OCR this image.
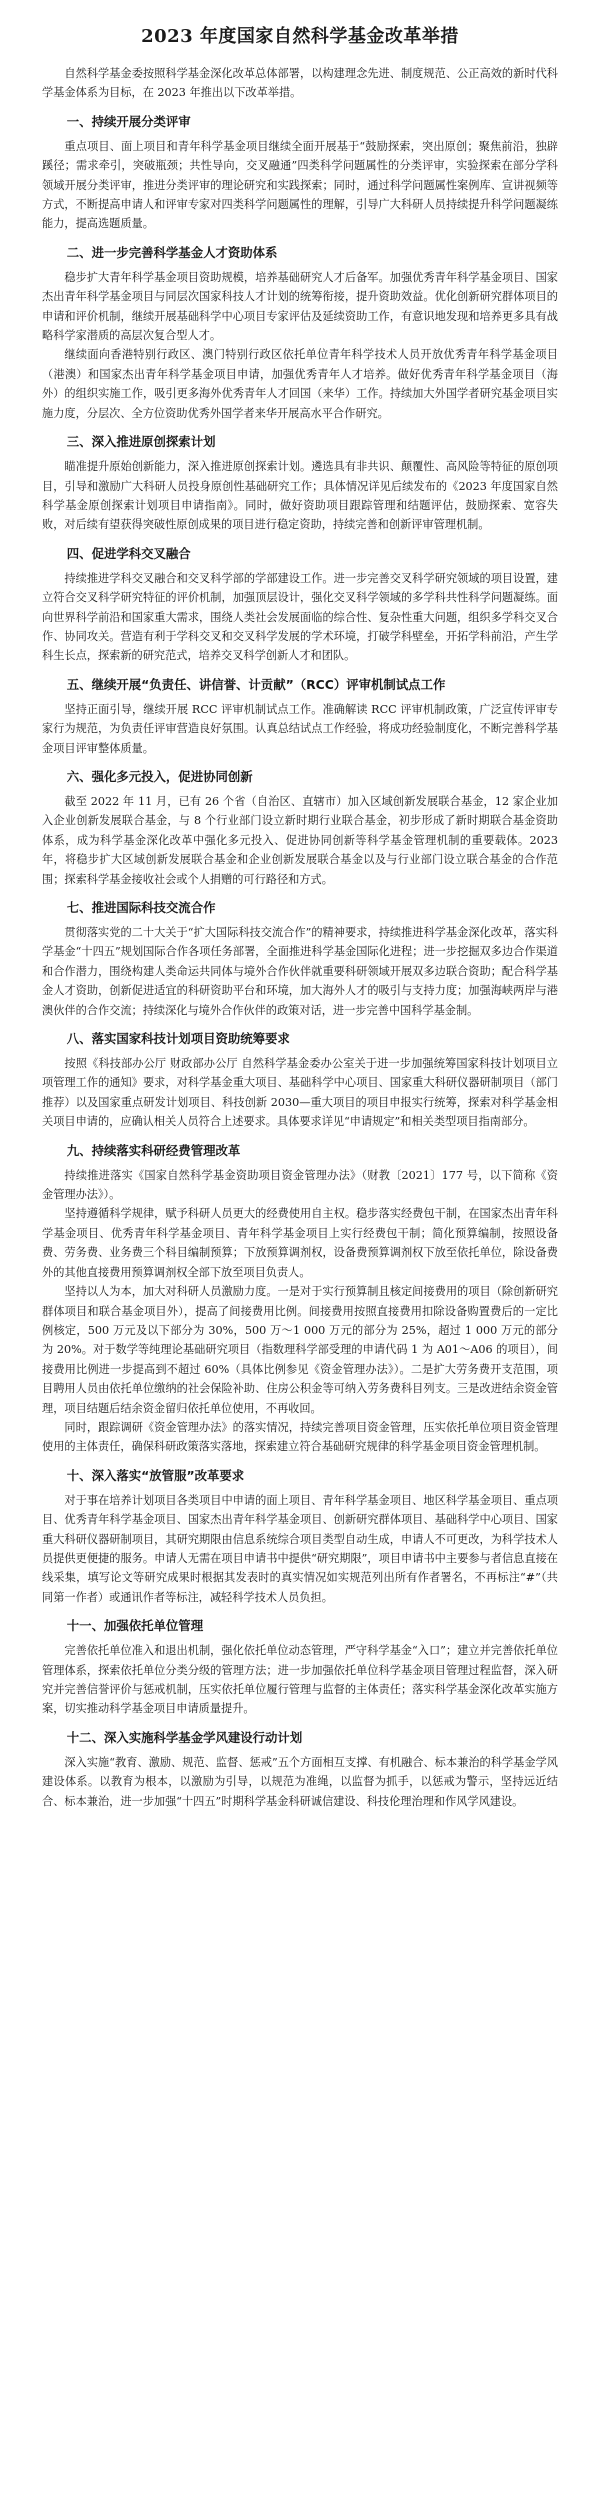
2023 年度国家自然科学基金改革举措

自然科学基金委按照科学基金深化改革总体部署，以构建理念先进、制度规范、公正高效的新时代科学基金体系为目标，在 2023 年推出以下改革举措。

一、持续开展分类评审

重点项目、面上项目和青年科学基金项目继续全面开展基于“鼓励探索，突出原创；聚焦前沿，独辟蹊径；需求牵引，突破瓶颈；共性导向，交叉融通”四类科学问题属性的分类评审，实验探索在部分学科领域开展分类评审，推进分类评审的理论研究和实践探索；同时，通过科学问题属性案例库、宣讲视频等方式，不断提高申请人和评审专家对四类科学问题属性的理解，引导广大科研人员持续提升科学问题凝练能力，提高选题质量。

二、进一步完善科学基金人才资助体系

稳步扩大青年科学基金项目资助规模，培养基础研究人才后备军。加强优秀青年科学基金项目、国家杰出青年科学基金项目与同层次国家科技人才计划的统筹衔接，提升资助效益。优化创新研究群体项目的申请和评价机制，继续开展基础科学中心项目专家评估及延续资助工作，有意识地发现和培养更多具有战略科学家潜质的高层次复合型人才。

继续面向香港特别行政区、澳门特别行政区依托单位青年科学技术人员开放优秀青年科学基金项目（港澳）和国家杰出青年科学基金项目申请，加强优秀青年人才培养。做好优秀青年科学基金项目（海外）的组织实施工作，吸引更多海外优秀青年人才回国（来华）工作。持续加大外国学者研究基金项目实施力度，分层次、全方位资助优秀外国学者来华开展高水平合作研究。

三、深入推进原创探索计划

瞄准提升原始创新能力，深入推进原创探索计划。遴选具有非共识、颠覆性、高风险等特征的原创项目，引导和激励广大科研人员投身原创性基础研究工作；具体情况详见后续发布的《2023 年度国家自然科学基金原创探索计划项目申请指南》。同时，做好资助项目跟踪管理和结题评估，鼓励探索、宽容失败，对后续有望获得突破性原创成果的项目进行稳定资助，持续完善和创新评审管理机制。

四、促进学科交叉融合

持续推进学科交叉融合和交叉科学部的学部建设工作。进一步完善交叉科学研究领域的项目设置，建立符合交叉科学研究特征的评价机制，加强顶层设计，强化交叉科学领域的多学科共性科学问题凝练。面向世界科学前沿和国家重大需求，围绕人类社会发展面临的综合性、复杂性重大问题，组织多学科交叉合作、协同攻关。营造有利于学科交叉和交叉科学发展的学术环境，打破学科壁垒，开拓学科前沿，产生学科生长点，探索新的研究范式，培养交叉科学创新人才和团队。

五、继续开展“负责任、讲信誉、计贡献”（RCC）评审机制试点工作

坚持正面引导，继续开展 RCC 评审机制试点工作。准确解读 RCC 评审机制政策，广泛宣传评审专家行为规范，为负责任评审营造良好氛围。认真总结试点工作经验，将成功经验制度化，不断完善科学基金项目评审整体质量。

六、强化多元投入，促进协同创新

截至 2022 年 11 月，已有 26 个省（自治区、直辖市）加入区域创新发展联合基金，12 家企业加入企业创新发展联合基金，与 8 个行业部门设立新时期行业联合基金，初步形成了新时期联合基金资助体系，成为科学基金深化改革中强化多元投入、促进协同创新等科学基金管理机制的重要载体。2023 年，将稳步扩大区域创新发展联合基金和企业创新发展联合基金以及与行业部门设立联合基金的合作范围；探索科学基金接收社会或个人捐赠的可行路径和方式。

七、推进国际科技交流合作

贯彻落实党的二十大关于“扩大国际科技交流合作”的精神要求，持续推进科学基金深化改革，落实科学基金“十四五”规划国际合作各项任务部署，全面推进科学基金国际化进程；进一步挖掘双多边合作渠道和合作潜力，围绕构建人类命运共同体与境外合作伙伴就重要科研领域开展双多边联合资助；配合科学基金人才资助，创新促进适宜的科研资助平台和环境，加大海外人才的吸引与支持力度；加强海峡两岸与港澳伙伴的合作交流；持续深化与境外合作伙伴的政策对话，进一步完善中国科学基金制。

八、落实国家科技计划项目资助统筹要求

按照《科技部办公厅 财政部办公厅 自然科学基金委办公室关于进一步加强统筹国家科技计划项目立项管理工作的通知》要求，对科学基金重大项目、基础科学中心项目、国家重大科研仪器研制项目（部门推荐）以及国家重点研发计划项目、科技创新 2030—重大项目的项目申报实行统筹，探索对科学基金相关项目申请的，应确认相关人员符合上述要求。具体要求详见“申请规定”和相关类型项目指南部分。

九、持续落实科研经费管理改革

持续推进落实《国家自然科学基金资助项目资金管理办法》（财教〔2021〕177 号，以下简称《资金管理办法》）。

坚持遵循科学规律，赋予科研人员更大的经费使用自主权。稳步落实经费包干制，在国家杰出青年科学基金项目、优秀青年科学基金项目、青年科学基金项目上实行经费包干制；简化预算编制，按照设备费、劳务费、业务费三个科目编制预算；下放预算调剂权，设备费预算调剂权下放至依托单位，除设备费外的其他直接费用预算调剂权全部下放至项目负责人。

坚持以人为本，加大对科研人员激励力度。一是对于实行预算制且核定间接费用的项目（除创新研究群体项目和联合基金项目外），提高了间接费用比例。间接费用按照直接费用扣除设备购置费后的一定比例核定，500 万元及以下部分为 30%，500 万～1 000 万元的部分为 25%，超过 1 000 万元的部分为 20%。对于数学等纯理论基础研究项目（指数理科学部受理的申请代码 1 为 A01～A06 的项目），间接费用比例进一步提高到不超过 60%（具体比例参见《资金管理办法》）。二是扩大劳务费开支范围，项目聘用人员由依托单位缴纳的社会保险补助、住房公积金等可纳入劳务费科目列支。三是改进结余资金管理，项目结题后结余资金留归依托单位使用，不再收回。

同时，跟踪调研《资金管理办法》的落实情况，持续完善项目资金管理，压实依托单位项目资金管理使用的主体责任，确保科研政策落实落地，探索建立符合基础研究规律的科学基金项目资金管理机制。

十、深入落实“放管服”改革要求

对于事在培养计划项目各类项目中申请的面上项目、青年科学基金项目、地区科学基金项目、重点项目、优秀青年科学基金项目、国家杰出青年科学基金项目、创新研究群体项目、基础科学中心项目、国家重大科研仪器研制项目，其研究期限由信息系统综合项目类型自动生成，申请人不可更改，为科学技术人员提供更便捷的服务。申请人无需在项目申请书中提供“研究期限”，项目申请书中主要参与者信息直接在线采集，填写论文等研究成果时根据其发表时的真实情况如实规范列出所有作者署名，不再标注“#”（共同第一作者）或通讯作者等标注，减轻科学技术人员负担。

十一、加强依托单位管理

完善依托单位准入和退出机制，强化依托单位动态管理，严守科学基金“入口”；建立并完善依托单位管理体系，探索依托单位分类分级的管理方法；进一步加强依托单位科学基金项目管理过程监督，深入研究并完善信誉评价与惩戒机制，压实依托单位履行管理与监督的主体责任；落实科学基金深化改革实施方案，切实推动科学基金项目申请质量提升。

十二、深入实施科学基金学风建设行动计划

深入实施“教育、激励、规范、监督、惩戒”五个方面相互支撑、有机融合、标本兼治的科学基金学风建设体系。以教育为根本，以激励为引导，以规范为准绳，以监督为抓手，以惩戒为警示，坚持远近结合、标本兼治，进一步加强“十四五”时期科学基金科研诚信建设、科技伦理治理和作风学风建设。
